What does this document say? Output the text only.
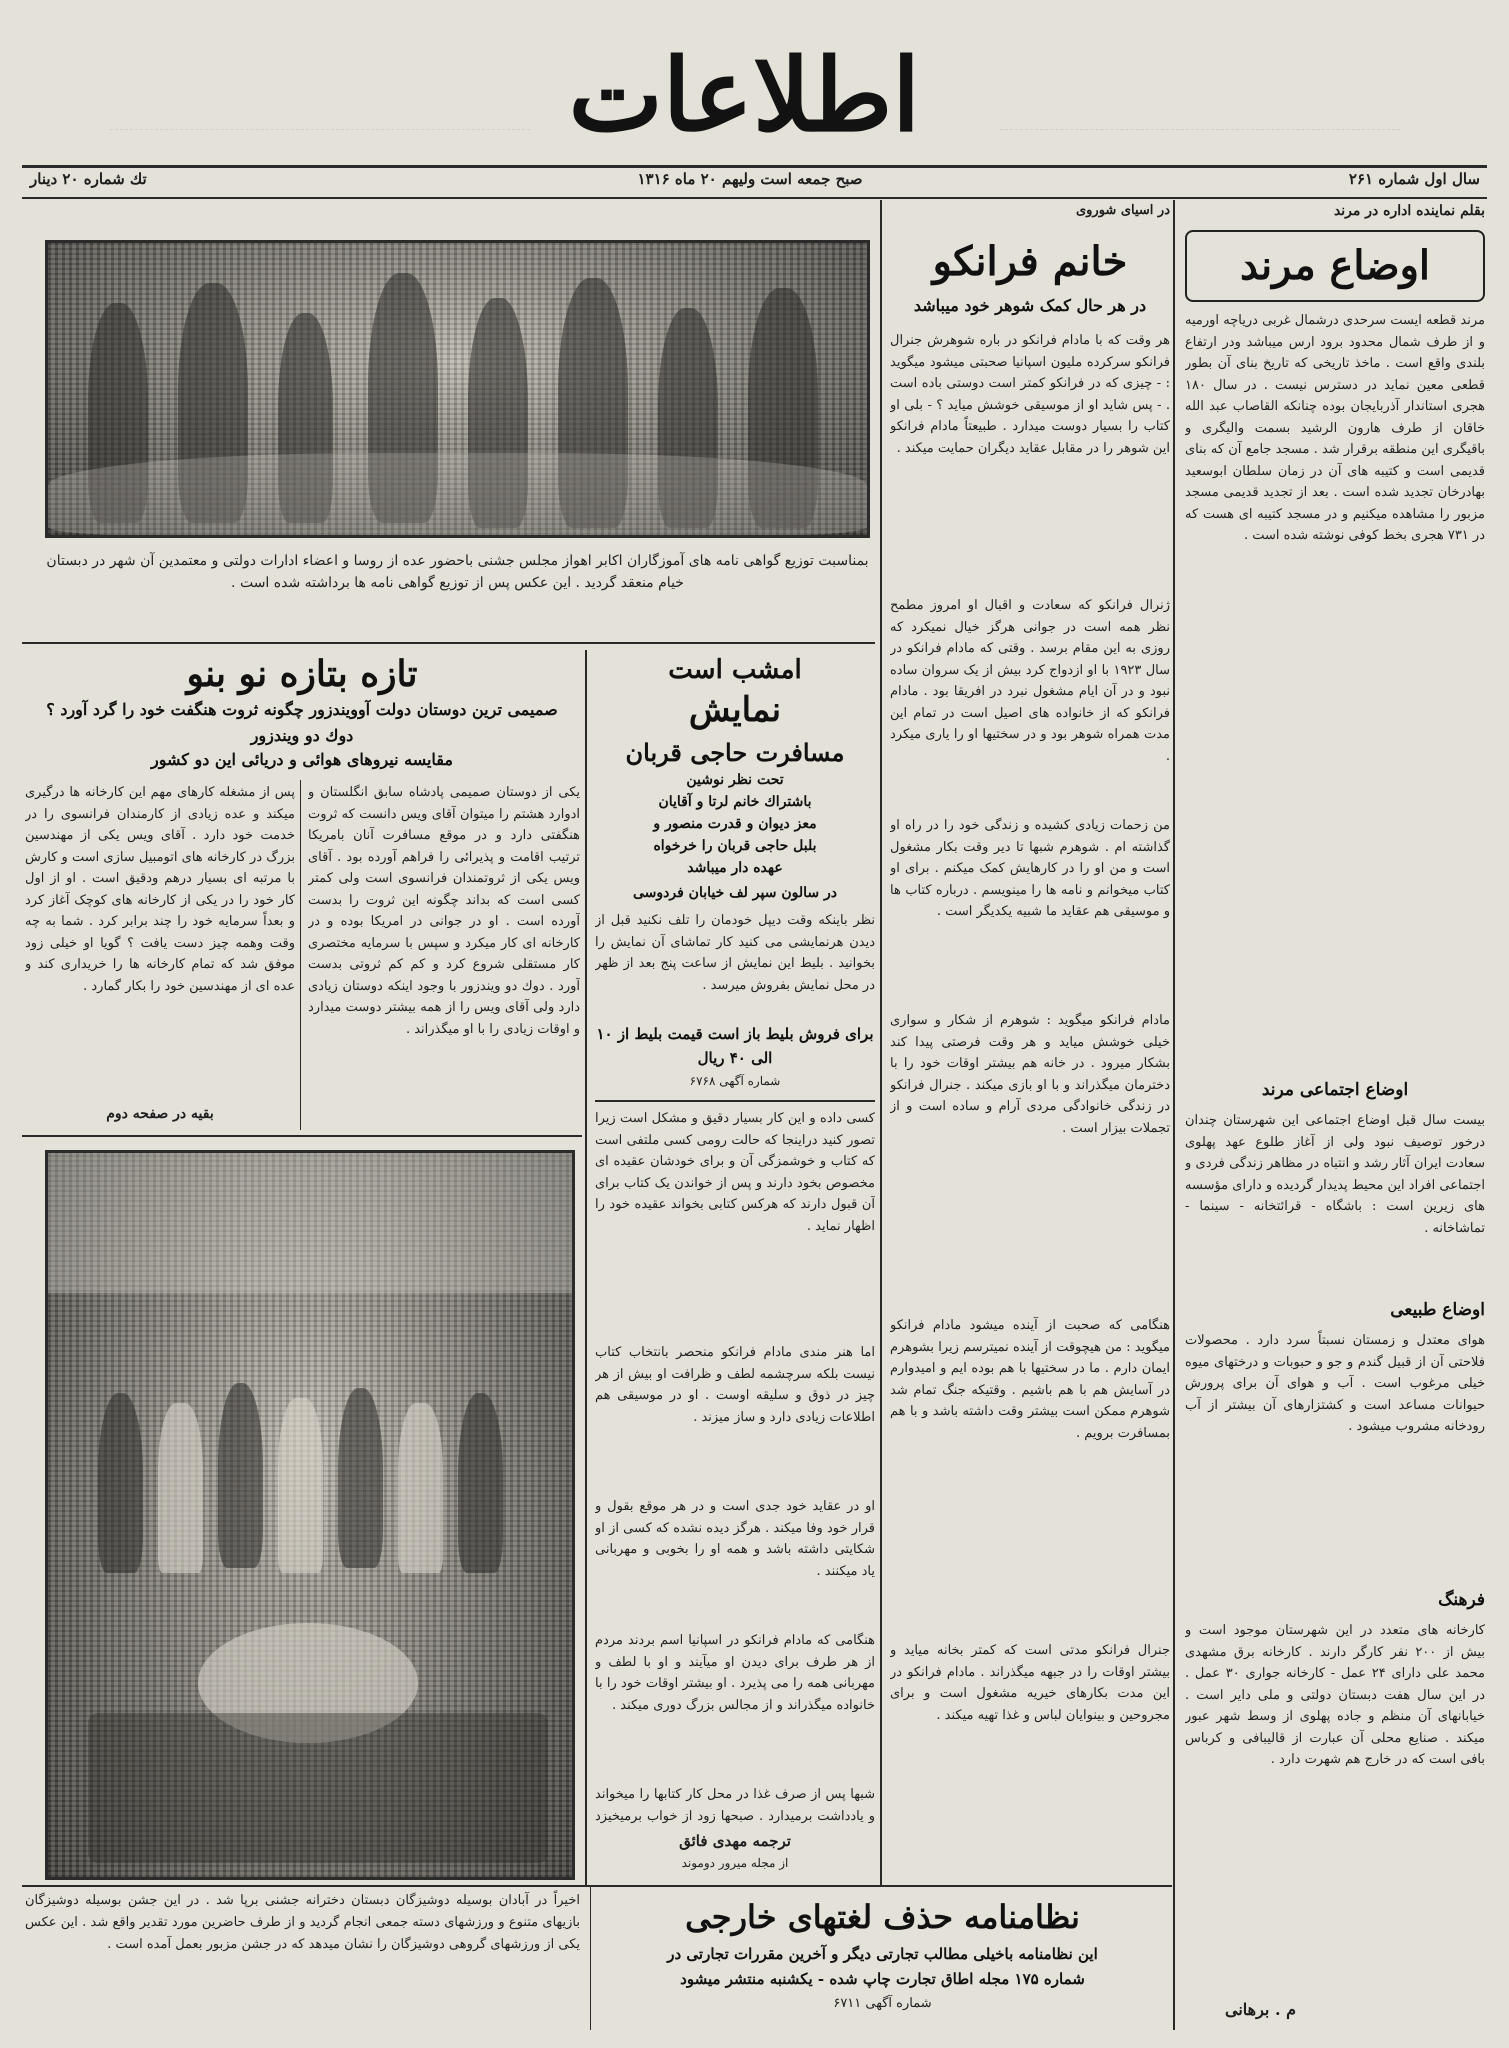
اطلاعات
سال اول شماره ۲۶۱
صبح جمعه است ولیهم ۲۰ ماه ۱۳۱۶
تك شماره ۲۰ دینار
بمناسبت توزیع گواهی نامه های آموزگاران اکابر اهواز مجلس جشنی باحضور عده از روسا و اعضاء ادارات دولتی و معتمدین آن شهر در دبستان خیام منعقد گردید . این عکس پس از توزیع گواهی نامه ها برداشته شده است .
بقلم نماینده اداره در مرند
اوضاع مرند
مرند قطعه ایست سرحدی درشمال غربی دریاچه اورمیه و از طرف شمال محدود برود ارس میباشد ودر ارتفاع بلندی واقع است . ماخذ تاریخی که تاریخ بنای آن بطور قطعی معین نماید در دسترس نیست . در سال ۱۸۰ هجری استاندار آذربایجان بوده چنانکه القاصاب عبد الله خاقان از طرف هارون الرشید بسمت والیگری و باقیگری این منطقه برقرار شد . مسجد جامع آن که بنای قدیمی است و کتیبه های آن در زمان سلطان ابوسعید بهادرخان تجدید شده است . بعد از تجدید قدیمی مسجد مزبور را مشاهده میکنیم و در مسجد کتیبه ای هست که در ۷۳۱ هجری بخط کوفی نوشته شده است .
اوضاع اجتماعی مرند
بیست سال قبل اوضاع اجتماعی این شهرستان چندان درخور توصیف نبود ولی از آغاز طلوع عهد پهلوی سعادت ایران آثار رشد و انتباه در مظاهر زندگی فردی و اجتماعی افراد این محیط پدیدار گردیده و دارای مؤسسه های زیرین است : باشگاه - قرائتخانه - سینما - تماشاخانه .
اوضاع طبیعی
هوای معتدل و زمستان نسبتاً سرد دارد . محصولات فلاحتی آن از قبیل گندم و جو و حبوبات و درختهای میوه خیلی مرغوب است . آب و هوای آن برای پرورش حیوانات مساعد است و کشتزارهای آن بیشتر از آب رودخانه مشروب میشود .
فرهنگ
کارخانه های متعدد در این شهرستان موجود است و بیش از ۲۰۰ نفر کارگر دارند . کارخانه برق مشهدی محمد علی دارای ۲۴ عمل - کارخانه جواری ۳۰ عمل . در این سال هفت دبستان دولتی و ملی دایر است . خیابانهای آن منظم و جاده پهلوی از وسط شهر عبور میکند . صنایع محلی آن عبارت از قالیبافی و کرباس بافی است که در خارج هم شهرت دارد .
م . برهانی
در اسیای شوروی
خانم فرانکو
در هر حال کمک شوهر خود میباشد
هر وقت که با مادام فرانکو در باره شوهرش جنرال فرانکو سرکرده ملیون اسپانیا صحبتی میشود میگوید : - چیزی که در فرانکو کمتر است دوستی باده است . - پس شاید او از موسیقی خوشش میاید ؟ - بلی او کتاب را بسیار دوست میدارد . طبیعتاً مادام فرانکو این شوهر را در مقابل عقاید دیگران حمایت میکند .
ژنرال فرانکو که سعادت و اقبال او امروز مطمح نظر همه است در جوانی هرگز خیال نمیکرد که روزی به این مقام برسد . وقتی که مادام فرانکو در سال ۱۹۲۳ با او ازدواج کرد بیش از یک سروان ساده نبود و در آن ایام مشغول نبرد در افریقا بود . مادام فرانکو که از خانواده های اصیل است در تمام این مدت همراه شوهر بود و در سختیها او را یاری میکرد .
من زحمات زیادی کشیده و زندگی خود را در راه او گذاشته ام . شوهرم شبها تا دیر وقت بکار مشغول است و من او را در کارهایش کمک میکنم . برای او کتاب میخوانم و نامه ها را مینویسم . درباره کتاب ها و موسیقی هم عقاید ما شبیه یکدیگر است .
مادام فرانکو میگوید : شوهرم از شکار و سواری خیلی خوشش میاید و هر وقت فرصتی پیدا کند بشکار میرود . در خانه هم بیشتر اوقات خود را با دخترمان میگذراند و با او بازی میکند . جنرال فرانکو در زندگی خانوادگی مردی آرام و ساده است و از تجملات بیزار است .
هنگامی که صحبت از آینده میشود مادام فرانکو میگوید : من هیچوقت از آینده نمیترسم زیرا بشوهرم ایمان دارم . ما در سختیها با هم بوده ایم و امیدوارم در آسایش هم با هم باشیم . وقتیکه جنگ تمام شد شوهرم ممکن است بیشتر وقت داشته باشد و با هم بمسافرت برویم .
جنرال فرانکو مدتی است که کمتر بخانه میاید و بیشتر اوقات را در جبهه میگذراند . مادام فرانکو در این مدت بکارهای خیریه مشغول است و برای مجروحین و بینوایان لباس و غذا تهیه میکند .
امشب است
نمایش
مسافرت حاجی قربان
تحت نظر نوشین
باشتراك خانم لرتا و آقایان
معز دیوان و قدرت منصور و
بلبل حاجی قربان را خرخواه
عهده دار میباشد
در سالون سپر لف خیابان فردوسی
نظر باینکه وقت دیپل خودمان را تلف نکنید قبل از دیدن هرنمایشی می کنید کار تماشای آن نمایش را بخوانید . بلیط این نمایش از ساعت پنج بعد از ظهر در محل نمایش بفروش میرسد .
برای فروش بلیط باز است قیمت بلیط از ۱۰ الی ۴۰ ریال
شماره آگهی ۶۷۶۸
کسی داده و این کار بسیار دقیق و مشکل است زیرا تصور کنید دراینجا که حالت رومی کسی ملتفی است که کتاب و خوشمزگی آن و برای خودشان عقیده ای مخصوص بخود دارند و پس از خواندن یک کتاب برای آن قبول دارند که هرکس کتابی بخواند عقیده خود را اظهار نماید .
اما هنر مندی مادام فرانکو منحصر بانتخاب کتاب نیست بلکه سرچشمه لطف و ظرافت او بیش از هر چیز در ذوق و سلیقه اوست . او در موسیقی هم اطلاعات زیادی دارد و ساز میزند .
او در عقاید خود جدی است و در هر موقع بقول و قرار خود وفا میکند . هرگز دیده نشده که کسی از او شکایتی داشته باشد و همه او را بخوبی و مهربانی یاد میکنند .
هنگامی که مادام فرانکو در اسپانیا اسم بردند مردم از هر طرف برای دیدن او میآیند و او با لطف و مهربانی همه را می پذیرد . او بیشتر اوقات خود را با خانواده میگذراند و از مجالس بزرگ دوری میکند .
شبها پس از صرف غذا در محل کار کتابها را میخواند و یادداشت برمیدارد . صبحها زود از خواب برمیخیزد
ترجمه مهدی فائق
از مجله میرور دوموند
تازه بتازه نو بنو
صمیمی ترین دوستان دولت آوویندزور چگونه ثروت هنگفت خود را گرد آورد ؟
دوك دو ویندزور
مقایسه نیروهای هوائی و دریائی این دو کشور
یکی از دوستان صمیمی پادشاه سابق انگلستان و ادوارد هشتم را میتوان آقای ویس دانست که ثروت هنگفتی دارد و در موقع مسافرت آنان بامریکا ترتیب اقامت و پذیرائی را فراهم آورده بود . آقای ویس یکی از ثروتمندان فرانسوی است ولی کمتر کسی است که بداند چگونه این ثروت را بدست آورده است . او در جوانی در امریکا بوده و در کارخانه ای کار میکرد و سپس با سرمایه مختصری کار مستقلی شروع کرد و کم کم ثروتی بدست آورد . دوك دو ویندزور با وجود اینکه دوستان زیادی دارد ولی آقای ویس را از همه بیشتر دوست میدارد و اوقات زیادی را با او میگذراند .
پس از مشغله کارهای مهم این کارخانه ها درگیری میکند و عده زیادی از کارمندان فرانسوی را در خدمت خود دارد . آقای ویس یکی از مهندسین بزرگ در کارخانه های اتومبیل سازی است و کارش با مرتبه ای بسیار درهم ودقیق است . او از اول کار خود را در یکی از کارخانه های کوچک آغاز کرد و بعداً سرمایه خود را چند برابر کرد . شما به چه وقت وهمه چیز دست یافت ؟ گویا او خیلی زود موفق شد که تمام کارخانه ها را خریداری کند و عده ای از مهندسین خود را بکار گمارد .
بقیه در صفحه دوم
اخیراً در آبادان بوسیله دوشیزگان دبستان دخترانه جشنی برپا شد . در این جشن بوسیله دوشیزگان بازیهای متنوع و ورزشهای دسته جمعی انجام گردید و از طرف حاضرین مورد تقدیر واقع شد . این عکس یکی از ورزشهای گروهی دوشیزگان را نشان میدهد که در جشن مزبور بعمل آمده است .
نظامنامه حذف لغتهای خارجی
این نظامنامه باخیلی مطالب تجارتی دیگر و آخرین مقررات تجارتی در
شماره ۱۷۵ مجله اطاق تجارت چاپ شده - یکشنبه منتشر میشود
شماره آگهی ۶۷۱۱
